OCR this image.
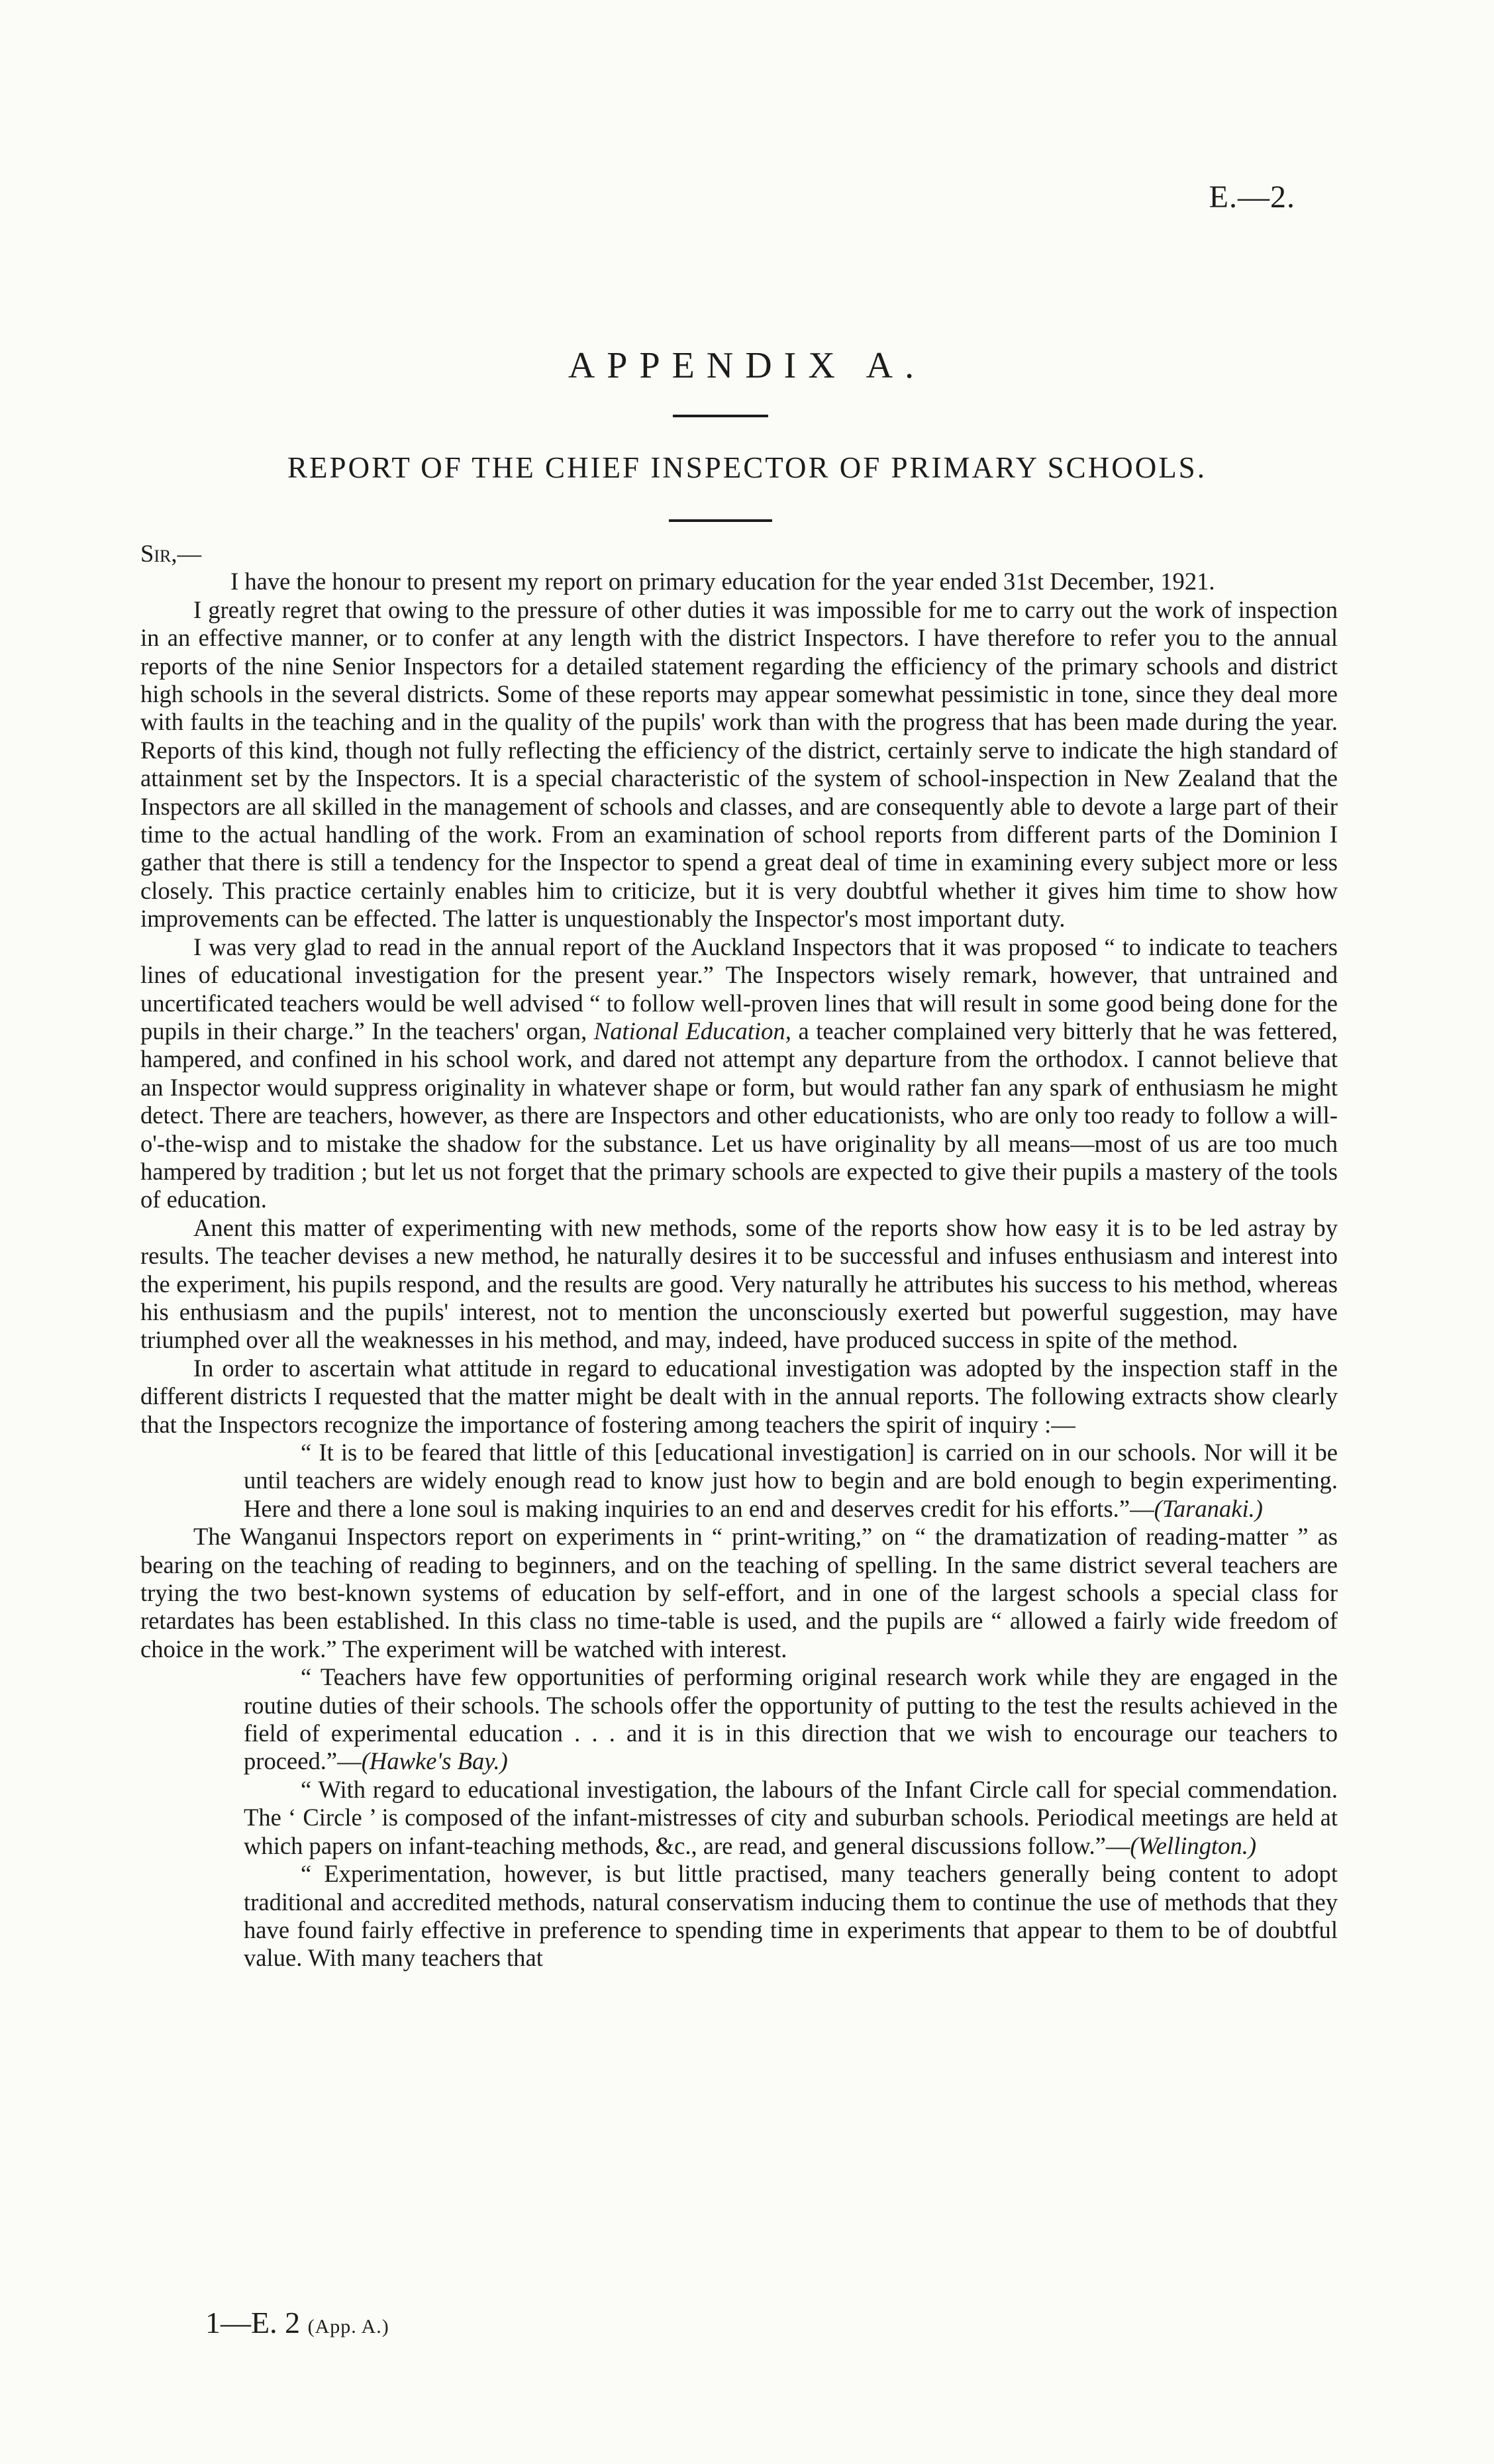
E.—2.
APPENDIX A.
REPORT OF THE CHIEF INSPECTOR OF PRIMARY SCHOOLS.

Sir,—

I have the honour to present my report on primary education for the year ended 31st December, 1921.

I greatly regret that owing to the pressure of other duties it was impossible for me to carry out the work of inspection in an effective manner, or to confer at any length with the district Inspectors. I have therefore to refer you to the annual reports of the nine Senior Inspectors for a detailed statement regarding the efficiency of the primary schools and district high schools in the several districts. Some of these reports may appear somewhat pessimistic in tone, since they deal more with faults in the teaching and in the quality of the pupils' work than with the progress that has been made during the year. Reports of this kind, though not fully reflecting the efficiency of the district, certainly serve to indicate the high standard of attainment set by the Inspectors. It is a special characteristic of the system of school-inspection in New Zealand that the Inspectors are all skilled in the management of schools and classes, and are consequently able to devote a large part of their time to the actual handling of the work. From an examination of school reports from different parts of the Dominion I gather that there is still a tendency for the Inspector to spend a great deal of time in examining every subject more or less closely. This practice certainly enables him to criticize, but it is very doubtful whether it gives him time to show how improvements can be effected. The latter is unquestionably the Inspector's most important duty.

I was very glad to read in the annual report of the Auckland Inspectors that it was proposed “ to indicate to teachers lines of educational investigation for the present year.” The Inspectors wisely remark, however, that untrained and uncertificated teachers would be well advised “ to follow well-proven lines that will result in some good being done for the pupils in their charge.” In the teachers' organ, National Education, a teacher complained very bitterly that he was fettered, hampered, and confined in his school work, and dared not attempt any departure from the orthodox. I cannot believe that an Inspector would suppress originality in whatever shape or form, but would rather fan any spark of enthusiasm he might detect. There are teachers, however, as there are Inspectors and other educationists, who are only too ready to follow a will-o'-the-wisp and to mistake the shadow for the substance. Let us have originality by all means—most of us are too much hampered by tradition ; but let us not forget that the primary schools are expected to give their pupils a mastery of the tools of education.

Anent this matter of experimenting with new methods, some of the reports show how easy it is to be led astray by results. The teacher devises a new method, he naturally desires it to be successful and infuses enthusiasm and interest into the experiment, his pupils respond, and the results are good. Very naturally he attributes his success to his method, whereas his enthusiasm and the pupils' interest, not to mention the unconsciously exerted but powerful suggestion, may have triumphed over all the weaknesses in his method, and may, indeed, have produced success in spite of the method.

In order to ascertain what attitude in regard to educational investigation was adopted by the inspection staff in the different districts I requested that the matter might be dealt with in the annual reports. The following extracts show clearly that the Inspectors recognize the importance of fostering among teachers the spirit of inquiry :—

“ It is to be feared that little of this [educational investigation] is carried on in our schools. Nor will it be until teachers are widely enough read to know just how to begin and are bold enough to begin experimenting. Here and there a lone soul is making inquiries to an end and deserves credit for his efforts.”—(Taranaki.)

The Wanganui Inspectors report on experiments in “ print-writing,” on “ the dramatization of reading-matter ” as bearing on the teaching of reading to beginners, and on the teaching of spelling. In the same district several teachers are trying the two best-known systems of education by self-effort, and in one of the largest schools a special class for retardates has been established. In this class no time-table is used, and the pupils are “ allowed a fairly wide freedom of choice in the work.” The experiment will be watched with interest.

“ Teachers have few opportunities of performing original research work while they are engaged in the routine duties of their schools. The schools offer the opportunity of putting to the test the results achieved in the field of experimental education . . . and it is in this direction that we wish to encourage our teachers to proceed.”—(Hawke's Bay.)

“ With regard to educational investigation, the labours of the Infant Circle call for special commendation. The ‘ Circle ’ is composed of the infant-mistresses of city and suburban schools. Periodical meetings are held at which papers on infant-teaching methods, &c., are read, and general discussions follow.”—(Wellington.)

“ Experimentation, however, is but little practised, many teachers generally being content to adopt traditional and accredited methods, natural conservatism inducing them to continue the use of methods that they have found fairly effective in preference to spending time in experiments that appear to them to be of doubtful value. With many teachers that

1—E. 2 (App. A.)
